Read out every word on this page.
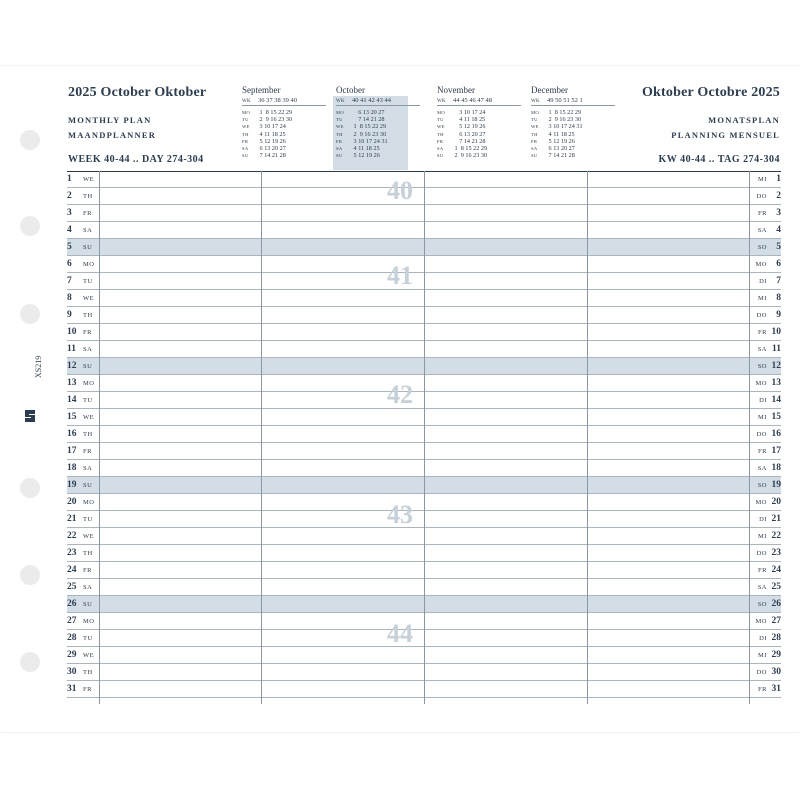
XS219
2025 October Oktober
MONTHLY PLAN
MAANDPLANNER
WEEK 40-44 .. DAY 274-304
Oktober Octobre 2025
MONATSPLAN
PLANNING MENSUEL
KW 40-44 .. TAG 274-304
September
WK 36 37 38 39 40
MO 1  8 15 22 29
TU 2  9 16 23 30
WE 3 10 17 24
TH 4 11 18 25
FR 5 12 19 26
SA 6 13 20 27
SU 7 14 21 28
October
WK 40 41 42 43 44
MO    6 13 20 27
TU    7 14 21 28
WE 1  8 15 22 29
TH 2  9 16 23 30
FR 3 10 17 24 31
SA 4 11 18 25
SU 5 12 19 26
November
WK 44 45 46 47 48
MO    3 10 17 24
TU    4 11 18 25
WE    5 12 19 26
TH    6 13 20 27
FR    7 14 21 28
SA 1  8 15 22 29
SU 2  9 16 23 30
December
WK 49 50 51 52 1
MO 1  8 15 22 29
TU 2  9 16 23 30
WE 3 10 17 24 31
TH 4 11 18 25
FR 5 12 19 26
SA 6 13 20 27
SU 7 14 21 28
1	WE	MI 1
2	TH	DO 2
3	FR	FR 3
4	SA	SA 4
5	SU	SO 5
6	MO	MO 6
7	TU	DI 7
8	WE	MI 8
9	TH	DO 9
10	FR	FR 10
11	SA	SA 11
12	SU	SO 12
13	MO	MO 13
14	TU	DI 14
15	WE	MI 15
16	TH	DO 16
17	FR	FR 17
18	SA	SA 18
19	SU	SO 19
20	MO	MO 20
21	TU	DI 21
22	WE	MI 22
23	TH	DO 23
24	FR	FR 24
25	SA	SA 25
26	SU	SO 26
27	MO	MO 27
28	TU	DI 28
29	WE	MI 29
30	TH	DO 30
31	FR	FR 31
40
41
42
43
44
